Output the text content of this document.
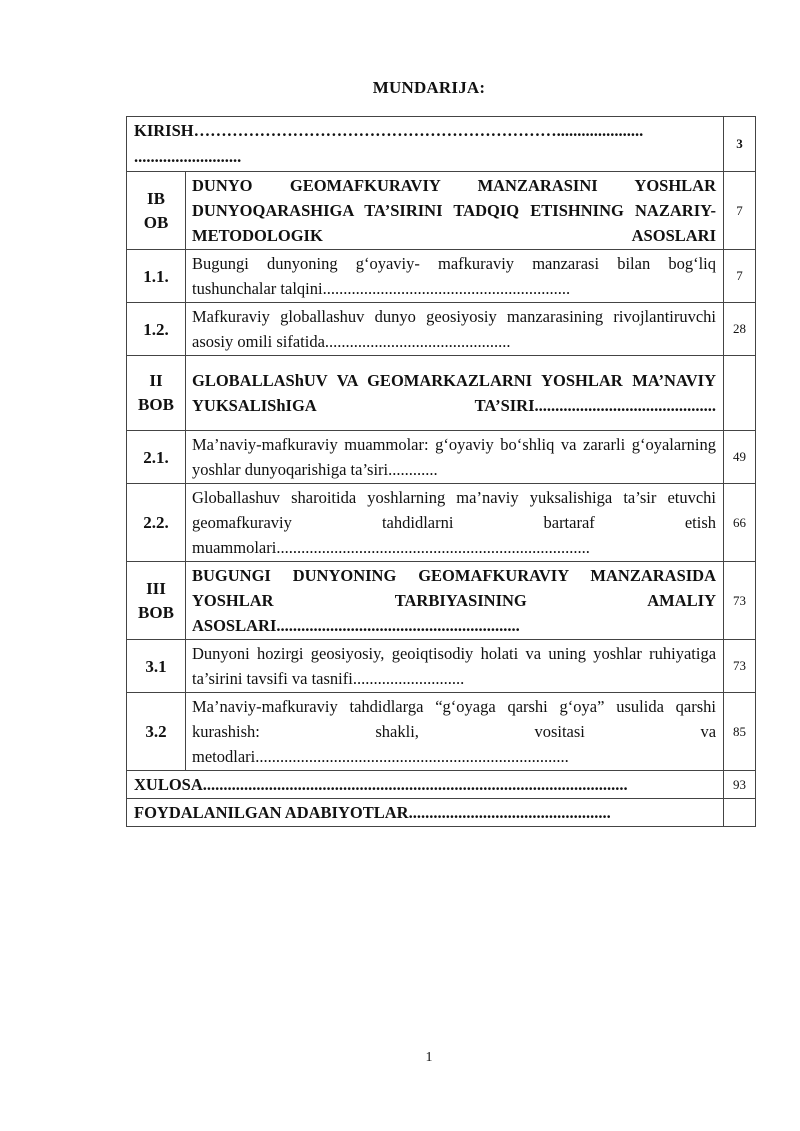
MUNDARIJA:
KIRISH………………………………………………………….....................
..........................		3
IBOB	DUNYO GEOMAFKURAVIY MANZARASINI YOSHLAR DUNYOQARASHIGA TA’SIRINI TADQIQ ETISHNING NAZARIY-METODOLOGIK ASOSLARI	7
1.1.	Bugungi dunyoning g‘oyaviy- mafkuraviy manzarasi bilan bog‘liq tushunchalar talqini............................................................	7
1.2.	Mafkuraviy globallashuv dunyo geosiyosiy manzarasining rivojlantiruvchi asosiy omili sifatida.............................................	28
II BOB	GLOBALLAShUV VA GEOMARKAZLARNI YOSHLAR MA’NAVIY YUKSALIShIGA TA’SIRI............................................	
2.1.	Ma’naviy-mafkuraviy muammolar: g‘oyaviy bo‘shliq va zararli g‘oyalarning yoshlar dunyoqarishiga ta’siri............	49
2.2.	Globallashuv sharoitida yoshlarning ma’naviy yuksalishiga ta’sir etuvchi geomafkuraviy tahdidlarni bartaraf etish muammolari............................................................................	66
III BOB	BUGUNGI DUNYONING GEOMAFKURAVIY MANZARASIDA YOSHLAR TARBIYASINING AMALIY ASOSLARI...........................................................	73
3.1	Dunyoni hozirgi geosiyosiy, geoiqtisodiy holati va uning yoshlar ruhiyatiga ta’sirini tavsifi va tasnifi...........................	73
3.2	Ma’naviy-mafkuraviy tahdidlarga “g‘oyaga qarshi g‘oya” usulida qarshi kurashish: shakli, vositasi va metodlari............................................................................	85
XULOSA.......................................................................................................		93
FOYDALANILGAN ADABIYOTLAR.................................................		
1
